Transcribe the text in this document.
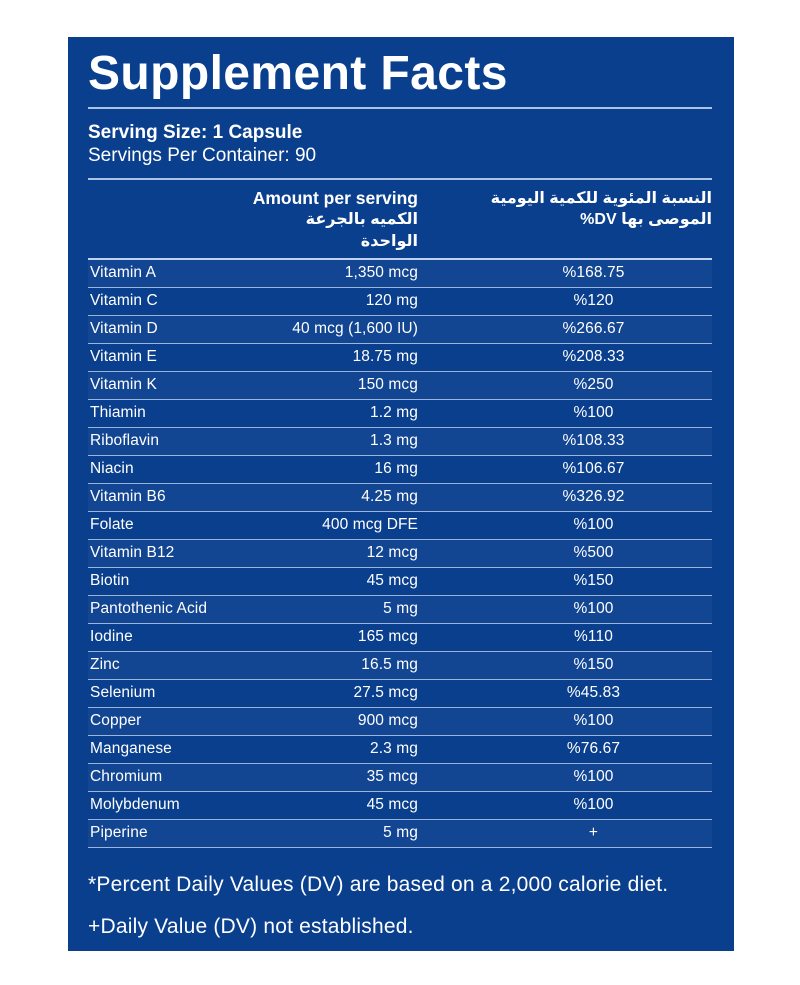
Supplement Facts
Serving Size: 1 Capsule
Servings Per Container: 90
Amount per serving
الكميه بالجرعة الواحدة
النسبة المئوية للكمية اليومية
الموصى بها DV%
Vitamin A	1,350 mcg	%168.75
Vitamin C	120 mg	%120
Vitamin D	40 mcg (1,600 IU)	%266.67
Vitamin E	18.75 mg	%208.33
Vitamin K	150 mcg	%250
Thiamin	1.2 mg	%100
Riboflavin	1.3 mg	%108.33
Niacin	16 mg	%106.67
Vitamin B6	4.25 mg	%326.92
Folate	400 mcg DFE	%100
Vitamin B12	12 mcg	%500
Biotin	45 mcg	%150
Pantothenic Acid	5 mg	%100
Iodine	165 mcg	%110
Zinc	16.5 mg	%150
Selenium	27.5 mcg	%45.83
Copper	900 mcg	%100
Manganese	2.3 mg	%76.67
Chromium	35 mcg	%100
Molybdenum	45 mcg	%100
Piperine	5 mg	+

*Percent Daily Values (DV) are based on a 2,000 calorie diet.

+Daily Value (DV) not established.
